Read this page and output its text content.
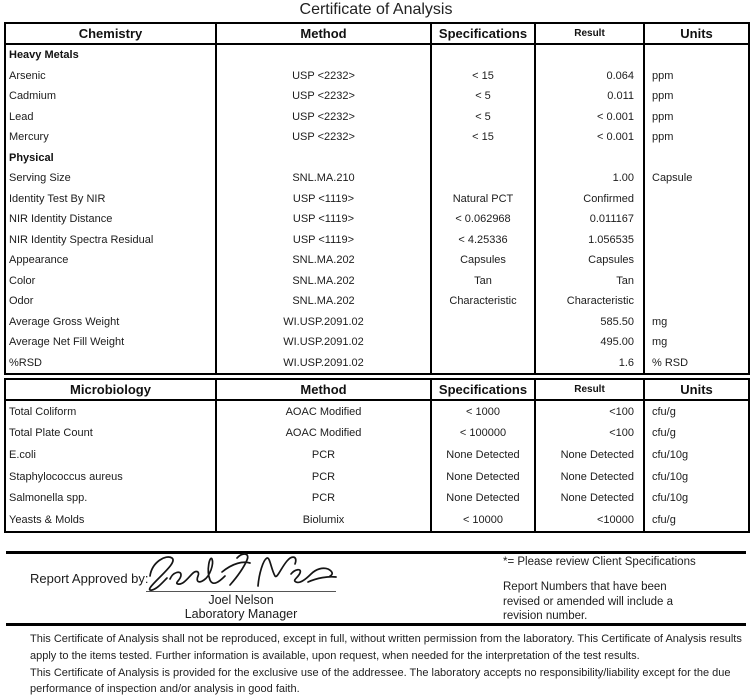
Certificate of Analysis
Chemistry	Method	Specifications	Result	Units
Heavy Metals				
Arsenic	USP <2232>	< 15	0.064	ppm
Cadmium	USP <2232>	< 5	0.011	ppm
Lead	USP <2232>	< 5	< 0.001	ppm
Mercury	USP <2232>	< 15	< 0.001	ppm
Physical				
Serving Size	SNL.MA.210		1.00	Capsule
Identity Test By NIR	USP <1119>	Natural PCT	Confirmed	
NIR Identity Distance	USP <1119>	< 0.062968	0.011167	
NIR Identity Spectra Residual	USP <1119>	< 4.25336	1.056535	
Appearance	SNL.MA.202	Capsules	Capsules	
Color	SNL.MA.202	Tan	Tan	
Odor	SNL.MA.202	Characteristic	Characteristic	
Average Gross Weight	WI.USP.2091.02		585.50	mg
Average Net Fill Weight	WI.USP.2091.02		495.00	mg
%RSD	WI.USP.2091.02		1.6	% RSD
Microbiology	Method	Specifications	Result	Units
Total Coliform	AOAC Modified	< 1000	<100	cfu/g
Total Plate Count	AOAC Modified	< 100000	<100	cfu/g
E.coli	PCR	None Detected	None Detected	cfu/10g
Staphylococcus aureus	PCR	None Detected	None Detected	cfu/10g
Salmonella spp.	PCR	None Detected	None Detected	cfu/10g
Yeasts & Molds	Biolumix	< 10000	<10000	cfu/g
Report Approved by:
Joel Nelson
Laboratory Manager
*= Please review Client Specifications
Report Numbers that have been revised or amended will include a revision number.
This Certificate of Analysis shall not be reproduced, except in full, without written permission from the laboratory. This Certificate of Analysis results apply to the items tested. Further information is available, upon request, when needed for the interpretation of the test results.
This Certificate of Analysis is provided for the exclusive use of the addressee. The laboratory accepts no responsibility/liability except for the due performance of inspection and/or analysis in good faith.
